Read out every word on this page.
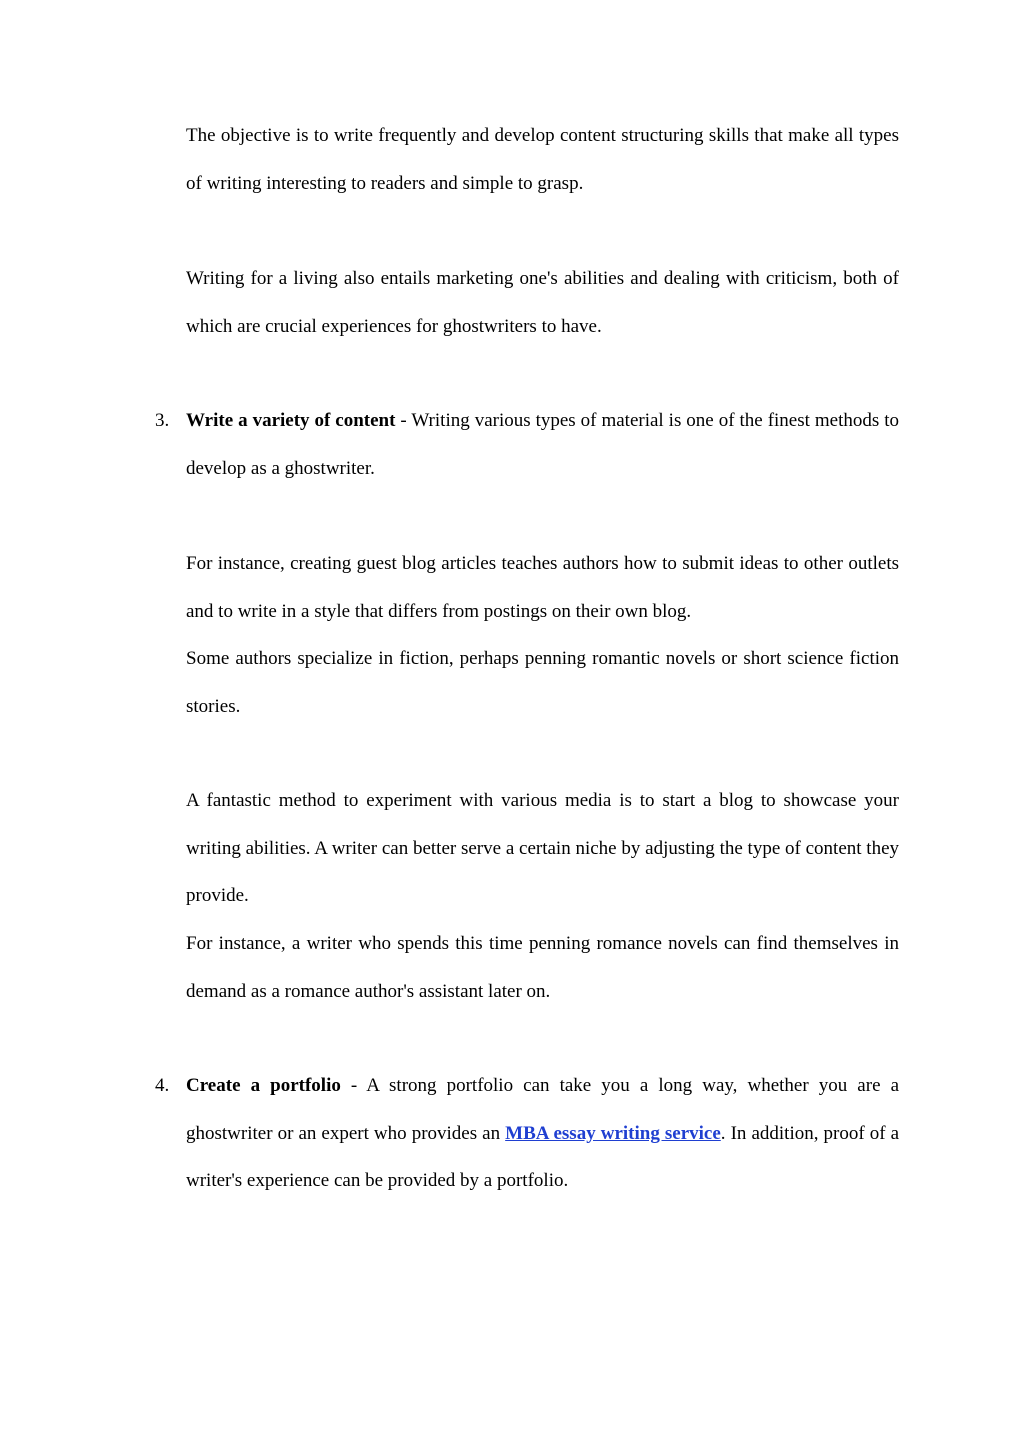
The objective is to write frequently and develop content structuring skills that make all types of writing interesting to readers and simple to grasp.

Writing for a living also entails marketing one's abilities and dealing with criticism, both of which are crucial experiences for ghostwriters to have.

3. Write a variety of content - Writing various types of material is one of the finest methods to develop as a ghostwriter.

For instance, creating guest blog articles teaches authors how to submit ideas to other outlets and to write in a style that differs from postings on their own blog.

Some authors specialize in fiction, perhaps penning romantic novels or short science fiction stories.

A fantastic method to experiment with various media is to start a blog to showcase your writing abilities. A writer can better serve a certain niche by adjusting the type of content they provide.

For instance, a writer who spends this time penning romance novels can find themselves in demand as a romance author's assistant later on.

4. Create a portfolio - A strong portfolio can take you a long way, whether you are a ghostwriter or an expert who provides an MBA essay writing service. In addition, proof of a writer's experience can be provided by a portfolio.
